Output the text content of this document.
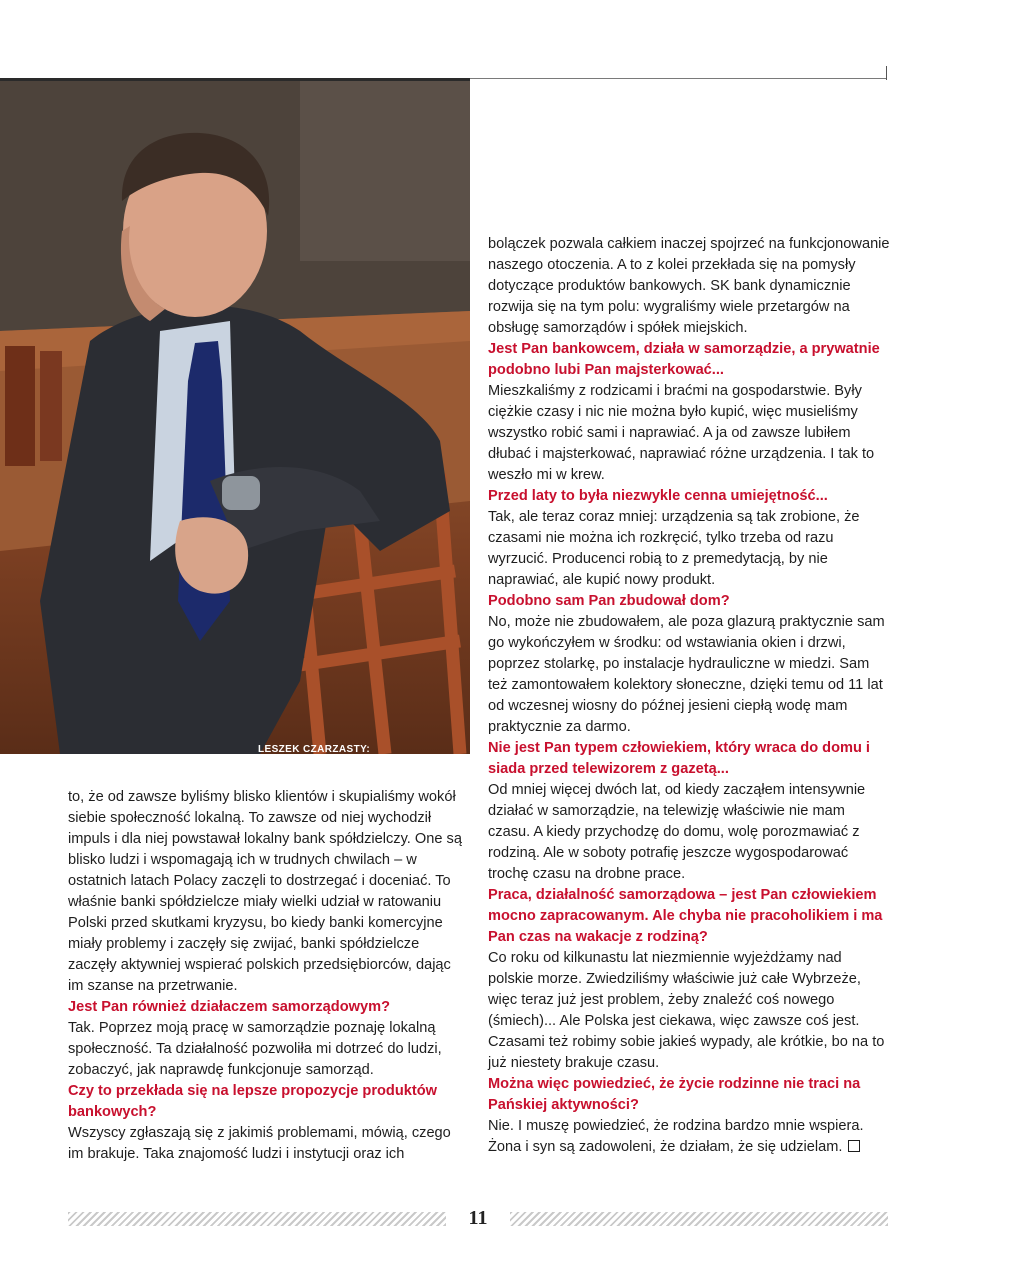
LESZEK CZARZASTY:

to, że od zawsze byliśmy blisko klientów i skupialiśmy wokół siebie społeczność lokalną. To zawsze od niej wychodził impuls i dla niej powstawał lokalny bank spółdzielczy. One są blisko ludzi i wspomagają ich w trudnych chwilach – w ostatnich latach Polacy zaczęli to dostrzegać i doceniać. To właśnie banki spółdzielcze miały wielki udział w ratowaniu Polski przed skutkami kryzysu, bo kiedy banki komercyjne miały problemy i zaczęły się zwijać, banki spółdzielcze zaczęły aktywniej wspierać polskich przedsiębiorców, dając im szanse na przetrwanie.

Jest Pan również działaczem samorządowym?

Tak. Poprzez moją pracę w samorządzie poznaję lokalną społeczność. Ta działalność pozwoliła mi dotrzeć do ludzi, zobaczyć, jak naprawdę funkcjonuje samorząd.

Czy to przekłada się na lepsze propozycje produktów bankowych?

Wszyscy zgłaszają się z jakimiś problemami, mówią, czego im brakuje. Taka znajomość ludzi i instytucji oraz ich

bolączek pozwala całkiem inaczej spojrzeć na funkcjonowanie naszego otoczenia. A to z kolei przekłada się na pomysły dotyczące produktów bankowych. SK bank dynamicznie rozwija się na tym polu: wygraliśmy wiele przetargów na obsługę samorządów i spółek miejskich.

Jest Pan bankowcem, działa w samorządzie, a prywatnie podobno lubi Pan majsterkować...

Mieszkaliśmy z rodzicami i braćmi na gospodarstwie. Były ciężkie czasy i nic nie można było kupić, więc musieliśmy wszystko robić sami i naprawiać. A ja od zawsze lubiłem dłubać i majsterkować, naprawiać różne urządzenia. I tak to weszło mi w krew.

Przed laty to była niezwykle cenna umiejętność...

Tak, ale teraz coraz mniej: urządzenia są tak zrobione, że czasami nie można ich rozkręcić, tylko trzeba od razu wyrzucić. Producenci robią to z premedytacją, by nie naprawiać, ale kupić nowy produkt.

Podobno sam Pan zbudował dom?

No, może nie zbudowałem, ale poza glazurą praktycznie sam go wykończyłem w środku: od wstawiania okien i drzwi, poprzez stolarkę, po instalacje hydrauliczne w miedzi. Sam też zamontowałem kolektory słoneczne, dzięki temu od 11 lat od wczesnej wiosny do późnej jesieni ciepłą wodę mam praktycznie za darmo.

Nie jest Pan typem człowiekiem, który wraca do domu i siada przed telewizorem z gazetą...

Od mniej więcej dwóch lat, od kiedy zacząłem intensywnie działać w samorządzie, na telewizję właściwie nie mam czasu. A kiedy przychodzę do domu, wolę porozmawiać z rodziną. Ale w soboty potrafię jeszcze wygospodarować trochę czasu na drobne prace.

Praca, działalność samorządowa – jest Pan człowiekiem mocno zapracowanym. Ale chyba nie pracoholikiem i ma Pan czas na wakacje z rodziną?

Co roku od kilkunastu lat niezmiennie wyjeżdżamy nad polskie morze. Zwiedziliśmy właściwie już całe Wybrzeże, więc teraz już jest problem, żeby znaleźć coś nowego (śmiech)... Ale Polska jest ciekawa, więc zawsze coś jest. Czasami też robimy sobie jakieś wypady, ale krótkie, bo na to już niestety brakuje czasu.

Można więc powiedzieć, że życie rodzinne nie traci na Pańskiej aktywności?

Nie. I muszę powiedzieć, że rodzina bardzo mnie wspiera. Żona i syn są zadowoleni, że działam, że się udzielam.

11
